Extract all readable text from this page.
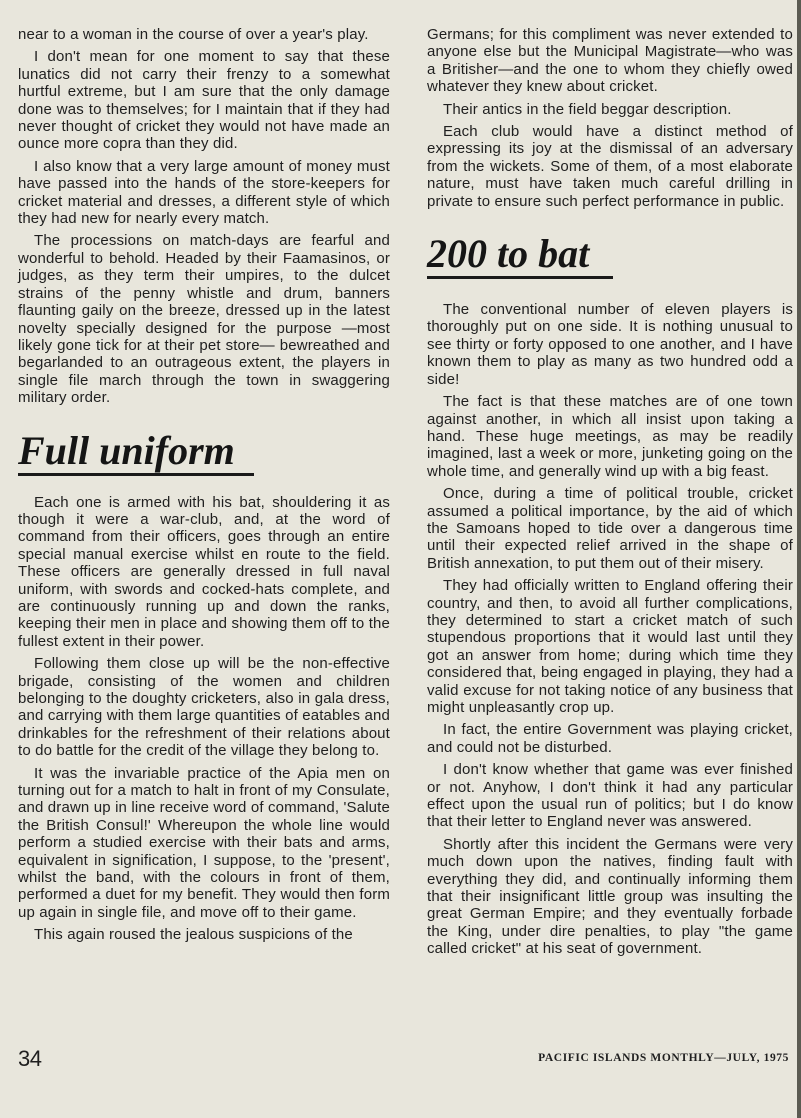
near to a woman in the course of over a year's play.

I don't mean for one moment to say that these lunatics did not carry their frenzy to a somewhat hurtful extreme, but I am sure that the only damage done was to themselves; for I maintain that if they had never thought of cricket they would not have made an ounce more copra than they did.

I also know that a very large amount of money must have passed into the hands of the store-keepers for cricket material and dresses, a different style of which they had new for nearly every match.

The processions on match-days are fearful and wonderful to behold. Headed by their Faamasinos, or judges, as they term their umpires, to the dulcet strains of the penny whistle and drum, banners flaunting gaily on the breeze, dressed up in the latest novelty specially designed for the purpose —most likely gone tick for at their pet store— bewreathed and begarlanded to an outrageous extent, the players in single file march through the town in swaggering military order.

Full uniform

Each one is armed with his bat, shouldering it as though it were a war-club, and, at the word of command from their officers, goes through an entire special manual exercise whilst en route to the field. These officers are generally dressed in full naval uniform, with swords and cocked-hats complete, and are continuously running up and down the ranks, keeping their men in place and showing them off to the fullest extent in their power.

Following them close up will be the non-effective brigade, consisting of the women and children belonging to the doughty cricketers, also in gala dress, and carrying with them large quantities of eatables and drinkables for the refreshment of their relations about to do battle for the credit of the village they belong to.

It was the invariable practice of the Apia men on turning out for a match to halt in front of my Consulate, and drawn up in line receive word of command, 'Salute the British Consul!' Whereupon the whole line would perform a studied exercise with their bats and arms, equivalent in signification, I suppose, to the 'present', whilst the band, with the colours in front of them, performed a duet for my benefit. They would then form up again in single file, and move off to their game.

This again roused the jealous suspicions of the

Germans; for this compliment was never extended to anyone else but the Municipal Magistrate—who was a Britisher—and the one to whom they chiefly owed whatever they knew about cricket.

Their antics in the field beggar description.

Each club would have a distinct method of expressing its joy at the dismissal of an adversary from the wickets. Some of them, of a most elaborate nature, must have taken much careful drilling in private to ensure such perfect performance in public.

200 to bat

The conventional number of eleven players is thoroughly put on one side. It is nothing unusual to see thirty or forty opposed to one another, and I have known them to play as many as two hundred odd a side!

The fact is that these matches are of one town against another, in which all insist upon taking a hand. These huge meetings, as may be readily imagined, last a week or more, junketing going on the whole time, and generally wind up with a big feast.

Once, during a time of political trouble, cricket assumed a political importance, by the aid of which the Samoans hoped to tide over a dangerous time until their expected relief arrived in the shape of British annexation, to put them out of their misery.

They had officially written to England offering their country, and then, to avoid all further complications, they determined to start a cricket match of such stupendous proportions that it would last until they got an answer from home; during which time they considered that, being engaged in playing, they had a valid excuse for not taking notice of any business that might unpleasantly crop up.

In fact, the entire Government was playing cricket, and could not be disturbed.

I don't know whether that game was ever finished or not. Anyhow, I don't think it had any particular effect upon the usual run of politics; but I do know that their letter to England never was answered.

Shortly after this incident the Germans were very much down upon the natives, finding fault with everything they did, and continually informing them that their insignificant little group was insulting the great German Empire; and they eventually forbade the King, under dire penalties, to play "the game called cricket" at his seat of government.

34	PACIFIC ISLANDS MONTHLY—JULY, 1975
